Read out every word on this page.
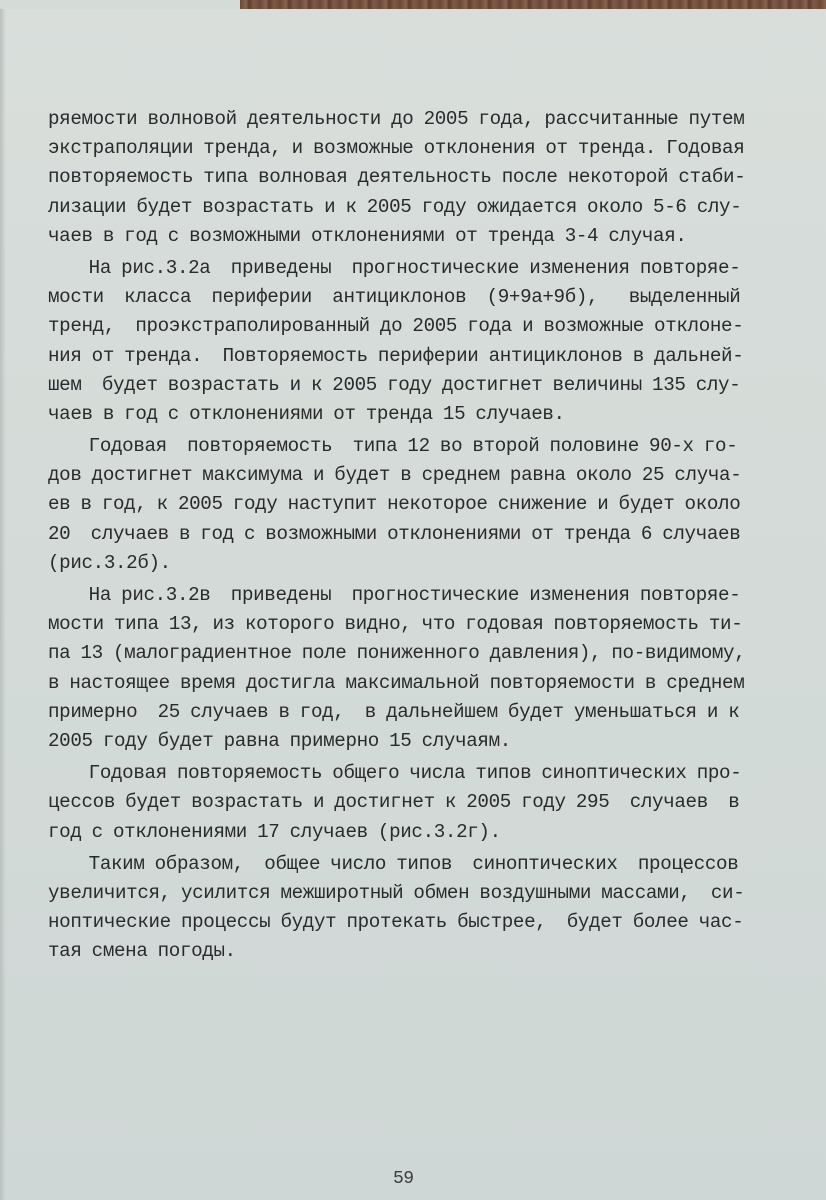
ряемости волновой деятельности до 2005 года, рассчитанные путем
экстраполяции тренда, и возможные отклонения от тренда. Годовая
повторяемость типа волновая деятельность после некоторой стаби-
лизации будет возрастать и к 2005 году ожидается около 5-6 слу-
чаев в год с возможными отклонениями от тренда 3-4 случая.
На рис.3.2а  приведены  прогностические изменения повторяе-
мости  класса  периферии  антициклонов  (9+9а+9б),   выделенный
тренд,  проэкстраполированный до 2005 года и возможные отклоне-
ния от тренда.  Повторяемость периферии антициклонов в дальней-
шем  будет возрастать и к 2005 году достигнет величины 135 слу-
чаев в год с отклонениями от тренда 15 случаев.
Годовая  повторяемость  типа 12 во второй половине 90-х го-
дов достигнет максимума и будет в среднем равна около 25 случа-
ев в год, к 2005 году наступит некоторое снижение и будет около
20  случаев в год с возможными отклонениями от тренда 6 случаев
(рис.3.2б).
На рис.3.2в  приведены  прогностические изменения повторяе-
мости типа 13, из которого видно, что годовая повторяемость ти-
па 13 (малоградиентное поле пониженного давления), по-видимому,
в настоящее время достигла максимальной повторяемости в среднем
примерно  25 случаев в год,  в дальнейшем будет уменьшаться и к
2005 году будет равна примерно 15 случаям.
Годовая повторяемость общего числа типов синоптических про-
цессов будет возрастать и достигнет к 2005 году 295  случаев  в
год с отклонениями 17 случаев (рис.3.2г).
Таким образом,  общее число типов  синоптических  процессов
увеличится, усилится межширотный обмен воздушными массами,  си-
ноптические процессы будут протекать быстрее,  будет более час-
тая смена погоды.
59
